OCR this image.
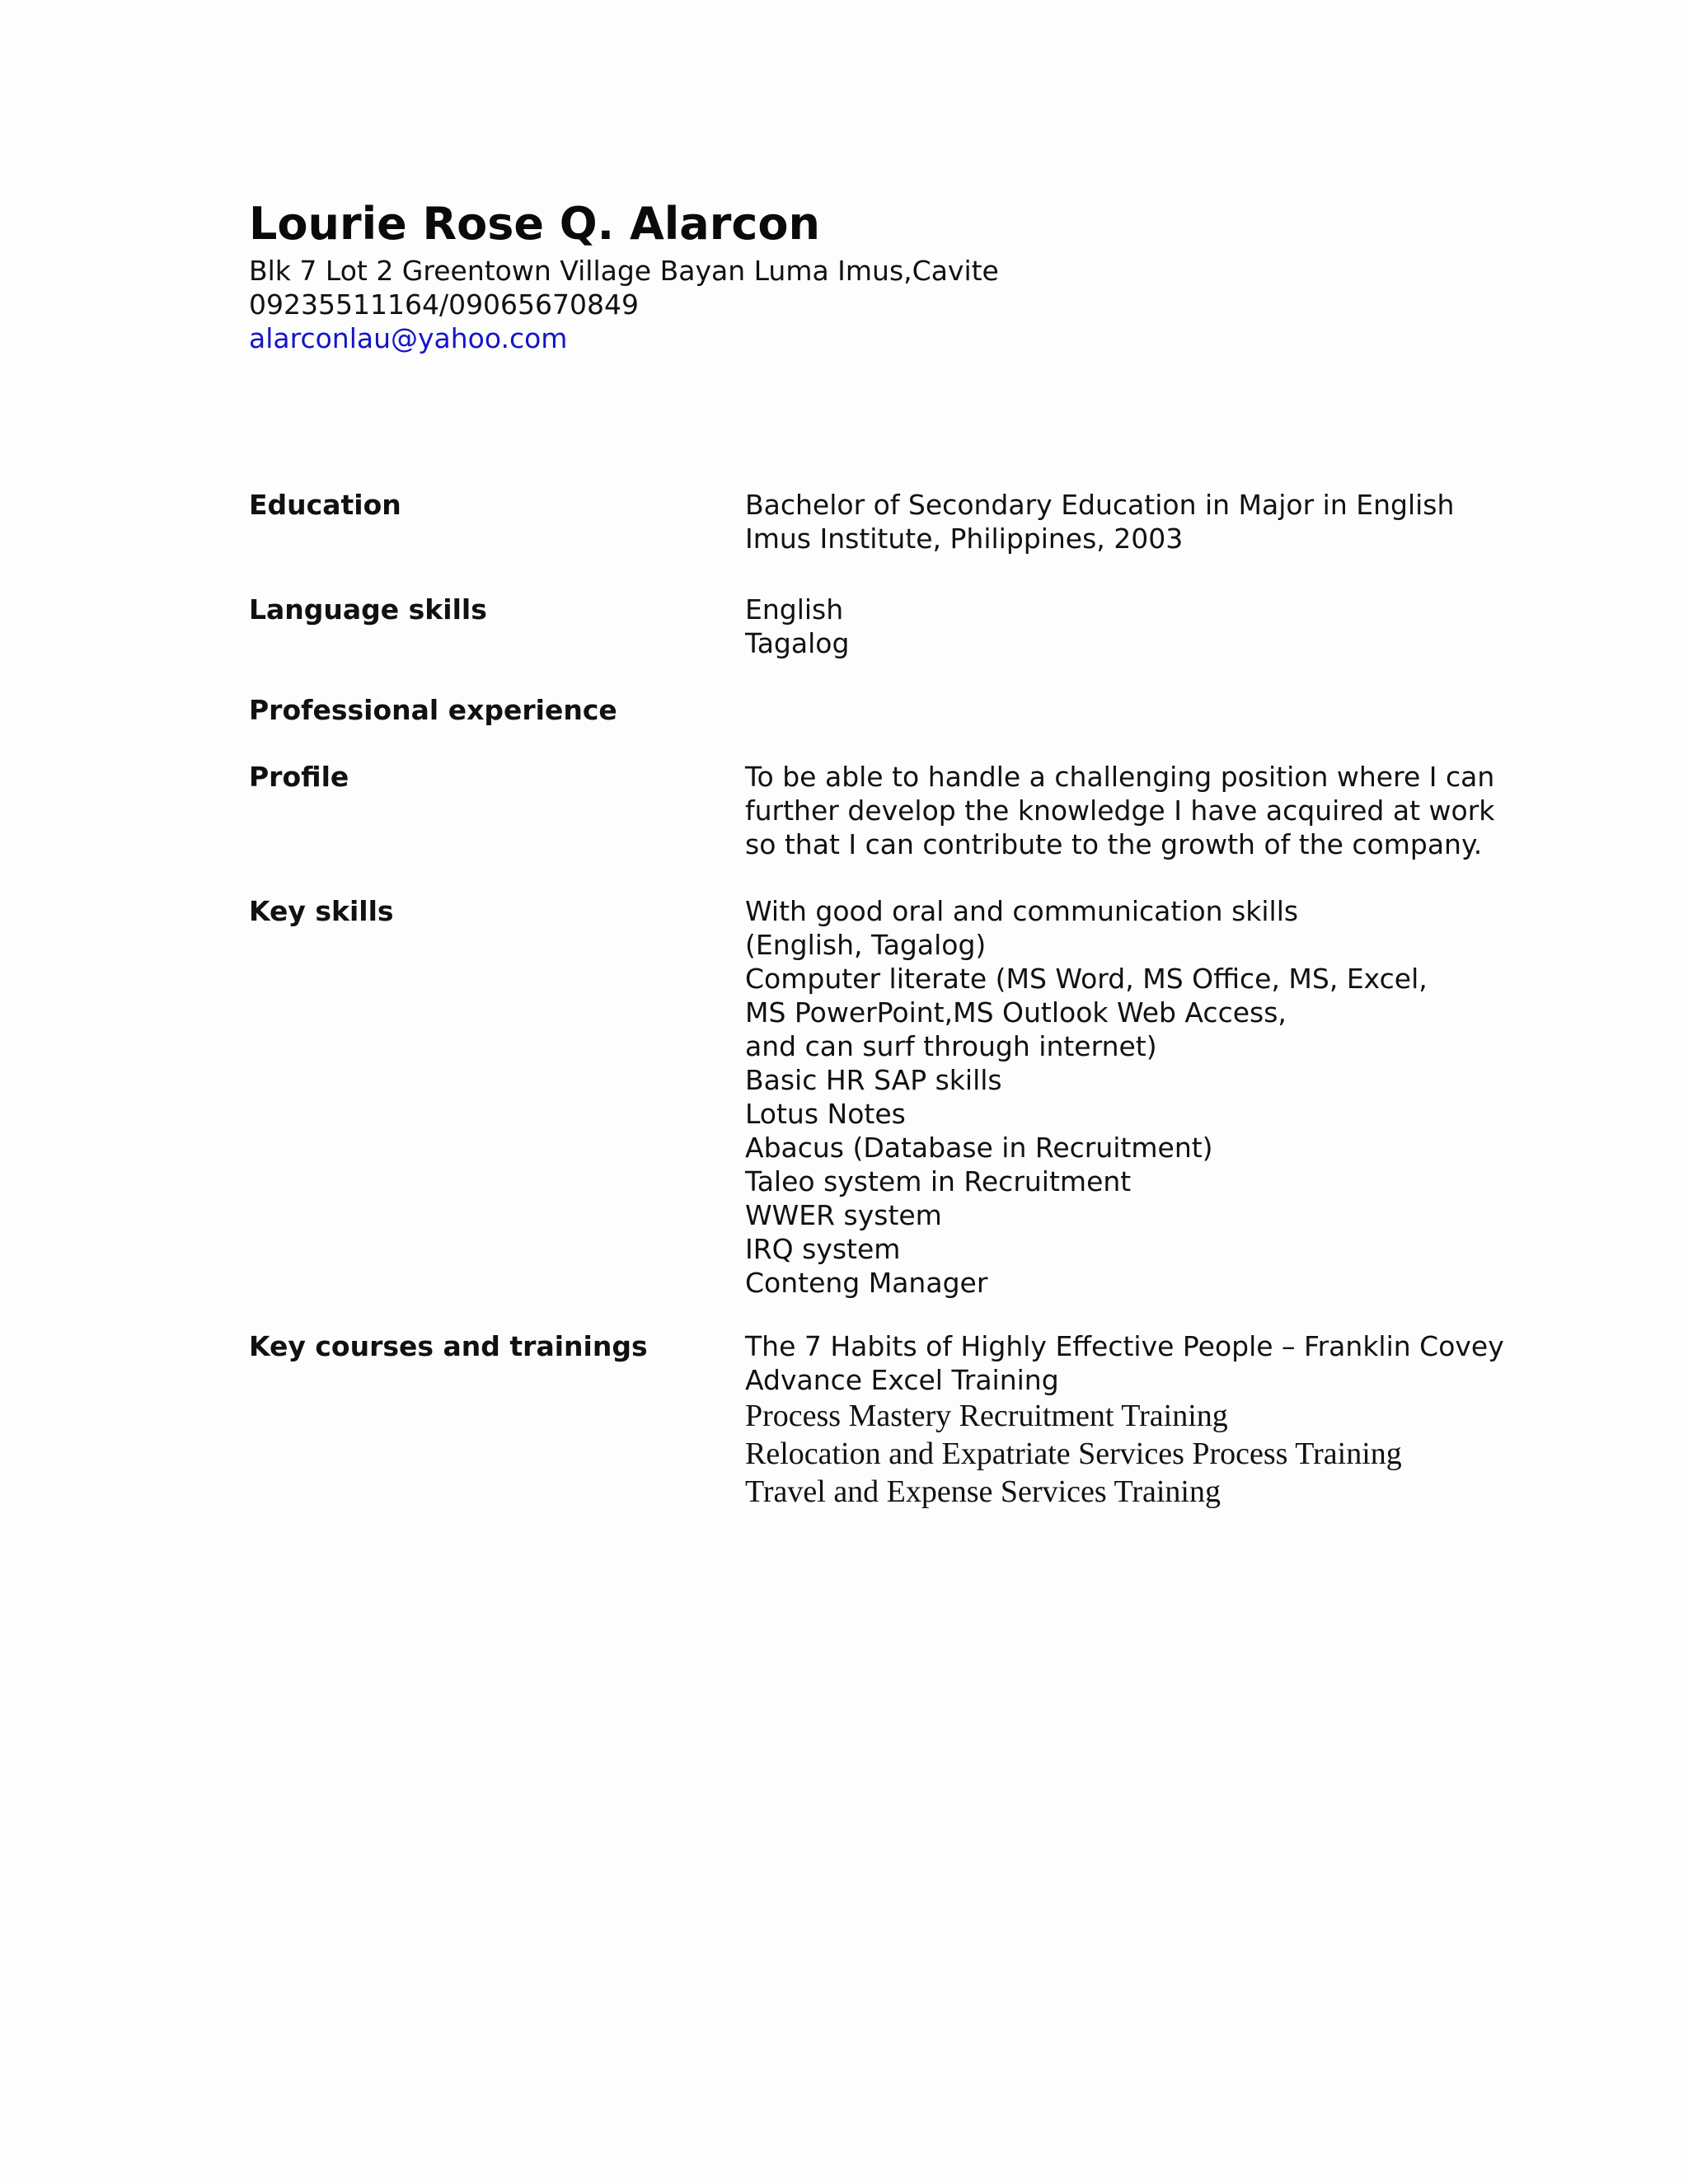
Lourie Rose Q. Alarcon
Blk 7 Lot 2 Greentown Village Bayan Luma Imus,Cavite
09235511164/09065670849
alarconlau@yahoo.com
Education	Bachelor of Secondary Education in Major in English
Imus Institute, Philippines, 2003
Language skills	English
Tagalog
Professional experience
Profile	To be able to handle a challenging position where I can
further develop the knowledge I have acquired at work
so that I can contribute to the growth of the company.
Key skills	With good oral and communication skills
(English, Tagalog)
Computer literate (MS Word, MS Office, MS, Excel,
MS PowerPoint,MS Outlook Web Access,
and can surf through internet)
Basic HR SAP skills
Lotus Notes
Abacus (Database in Recruitment)
Taleo system in Recruitment
WWER system
IRQ system
Conteng Manager
Key courses and trainings	The 7 Habits of Highly Effective People – Franklin Covey
Advance Excel Training
Process Mastery Recruitment Training
Relocation and Expatriate Services Process Training
Travel and Expense Services Training
